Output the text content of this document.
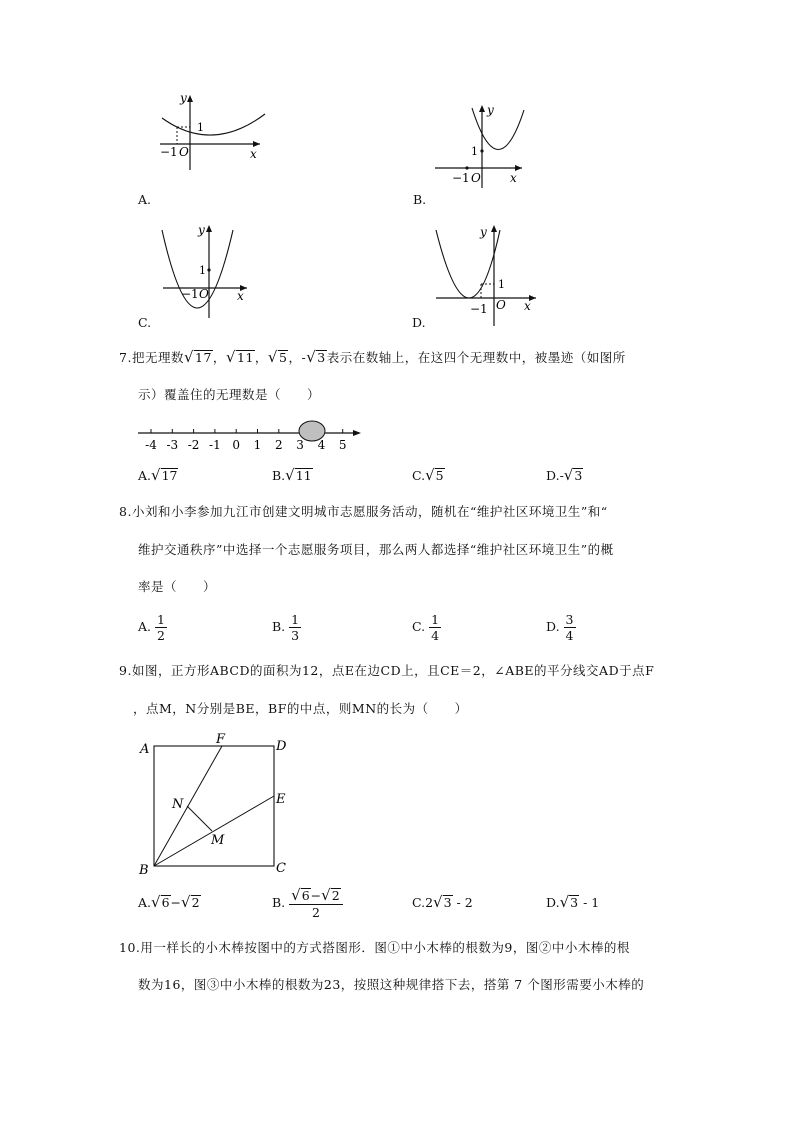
y
x
O
−1
1
A.
y
x
O
−1
1
B.
y
x
O
−1
1
C.
y
x
O
−1
1
D.
7.把无理数 √ 17， √ 11， √ 5，- √ 3表示在数轴上，在这四个无理数中，被墨迹（如图所
示）覆盖住的无理数是（　　）
-4 -3 -2 -1 0 1 2 3 4 5
A. √ 17	B. √ 11	C. √ 5	D.- √ 3
8.小刘和小李参加九江市创建文明城市志愿服务活动，随机在“维护社区环境卫生”和“
维护交通秩序”中选择一个志愿服务项目，那么两人都选择“维护社区环境卫生”的概
率是（　　）
A. $\frac{1}{2}$	B. $\frac{1}{3}$	C. $\frac{1}{4}$	D. $\frac{3}{4}$
9.如图，正方形ABCD的面积为12，点E在边CD上，且CE＝2，∠ABE的平分线交AD于点F
，点M，N分别是BE，BF的中点，则MN的长为（　　）
A	D
B	C
E
F
N
M
A. √ 6− √ 2	B. √ $\frac{6- √ 2}{2}$	C.2 √ 3 - 2	D. √ 3 - 1
10.用一样长的小木棒按图中的方式搭图形．图①中小木棒的根数为9，图②中小木棒的根
数为16，图③中小木棒的根数为23，按照这种规律搭下去，搭第 7 个图形需要小木棒的
